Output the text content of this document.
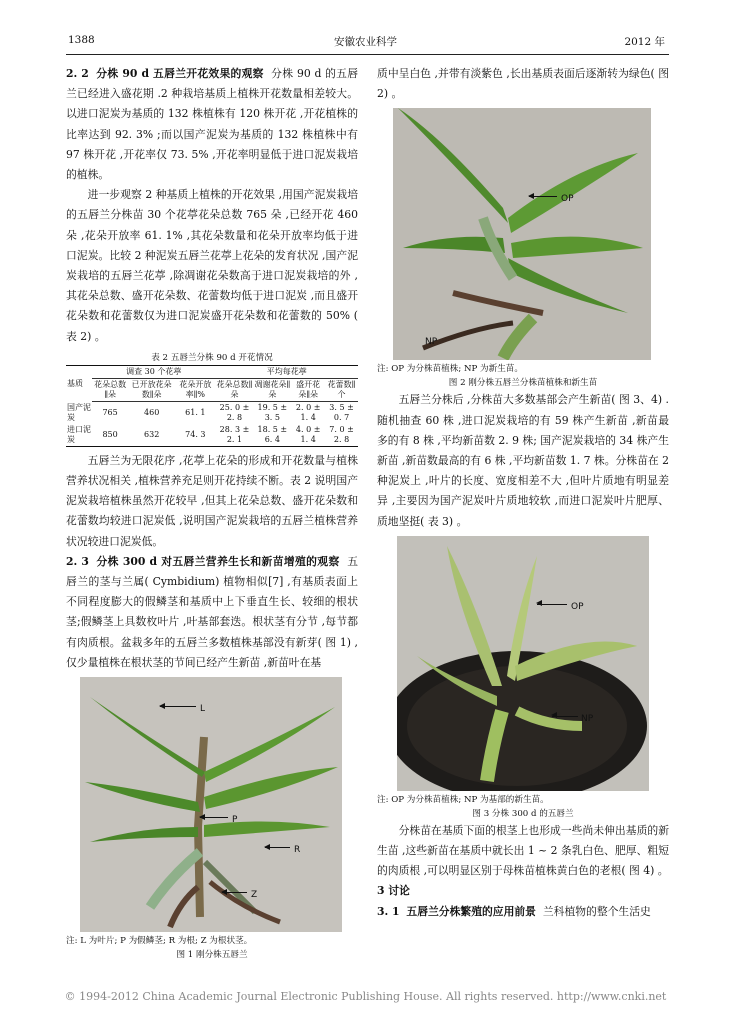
1388	安徽农业科学	2012 年

2. 2 分株 90 d 五唇兰开花效果的观察 分株 90 d 的五唇兰已经进入盛花期 .2 种栽培基质上植株开花数量相差较大。以进口泥炭为基质的 132 株植株有 120 株开花 ,开花植株的比率达到 92. 3% ;而以国产泥炭为基质的 132 株植株中有 97 株开花 ,开花率仅 73. 5% ,开花率明显低于进口泥炭栽培的植株。

进一步观察 2 种基质上植株的开花效果 ,用国产泥炭栽培的五唇兰分株苗 30 个花葶花朵总数 765 朵 ,已经开花 460 朵 ,花朵开放率 61. 1% ,其花朵数量和花朵开放率均低于进口泥炭。比较 2 种泥炭五唇兰花葶上花朵的发育状况 ,国产泥炭栽培的五唇兰花葶 ,除凋谢花朵数高于进口泥炭栽培的外 ,其花朵总数、盛开花朵数、花蕾数均低于进口泥炭 ,而且盛开花朵数和花蕾数仅为进口泥炭盛开花朵数和花蕾数的 50% ( 表 2) 。

表 2 五唇兰分株 90 d 开花情况
基质	调查 30 个花葶			平均每花葶			
	花朵总数∥朵	已开放花朵数∥朵	花朵开放率∥%	花朵总数∥朵	凋谢花朵∥朵	盛开花朵∥朵	花蕾数∥个
国产泥炭	765	460	61. 1	25. 0 ± 2. 8	19. 5 ± 3. 5	2. 0 ± 1. 4	3. 5 ± 0. 7
进口泥炭	850	632	74. 3	28. 3 ± 2. 1	18. 5 ± 6. 4	4. 0 ± 1. 4	7. 0 ± 2. 8

五唇兰为无限花序 ,花葶上花朵的形成和开花数量与植株营养状况相关 ,植株营养充足则开花持续不断。表 2 说明国产泥炭栽培植株虽然开花较早 ,但其上花朵总数、盛开花朵数和花蕾数均较进口泥炭低 ,说明国产泥炭栽培的五唇兰植株营养状况较进口泥炭低。

2. 3 分株 300 d 对五唇兰营养生长和新苗增殖的观察 五唇兰的茎与兰属( Cymbidium) 植物相似[7] ,有基质表面上不同程度膨大的假鳞茎和基质中上下垂直生长、较细的根状茎;假鳞茎上具数枚叶片 ,叶基部套迭。根状茎有分节 ,每节都有肉质根。盆栽多年的五唇兰多数植株基部没有新芽( 图 1) ,仅少量植株在根状茎的节间已经产生新苗 ,新苗叶在基

L
P
R
Z
注: L 为叶片; P 为假鳞茎; R 为根; Z 为根状茎。
图 1 刚分株五唇兰

质中呈白色 ,并带有淡紫色 ,长出基质表面后逐渐转为绿色( 图 2) 。

OP
NP
注: OP 为分株苗植株; NP 为新生苗。
图 2 刚分株五唇兰分株苗植株和新生苗

五唇兰分株后 ,分株苗大多数基部会产生新苗( 图 3、4) .随机抽查 60 株 ,进口泥炭栽培的有 59 株产生新苗 ,新苗最多的有 8 株 ,平均新苗数 2. 9 株; 国产泥炭栽培的 34 株产生新苗 ,新苗数最高的有 6 株 ,平均新苗数 1. 7 株。分株苗在 2 种泥炭上 ,叶片的长度、宽度相差不大 ,但叶片质地有明显差异 ,主要因为国产泥炭叶片质地较软 ,而进口泥炭叶片肥厚、质地坚挺( 表 3) 。

OP
NP
注: OP 为分株苗植株; NP 为基部的新生苗。
图 3 分株 300 d 的五唇兰

分株苗在基质下面的根茎上也形成一些尚未伸出基质的新生苗 ,这些新苗在基质中就长出 1 ~ 2 条乳白色、肥厚、粗短的肉质根 ,可以明显区别于母株苗植株黄白色的老根( 图 4) 。

3 讨论

3. 1 五唇兰分株繁殖的应用前景 兰科植物的整个生活史

© 1994-2012 China Academic Journal Electronic Publishing House. All rights reserved. http://www.cnki.net
